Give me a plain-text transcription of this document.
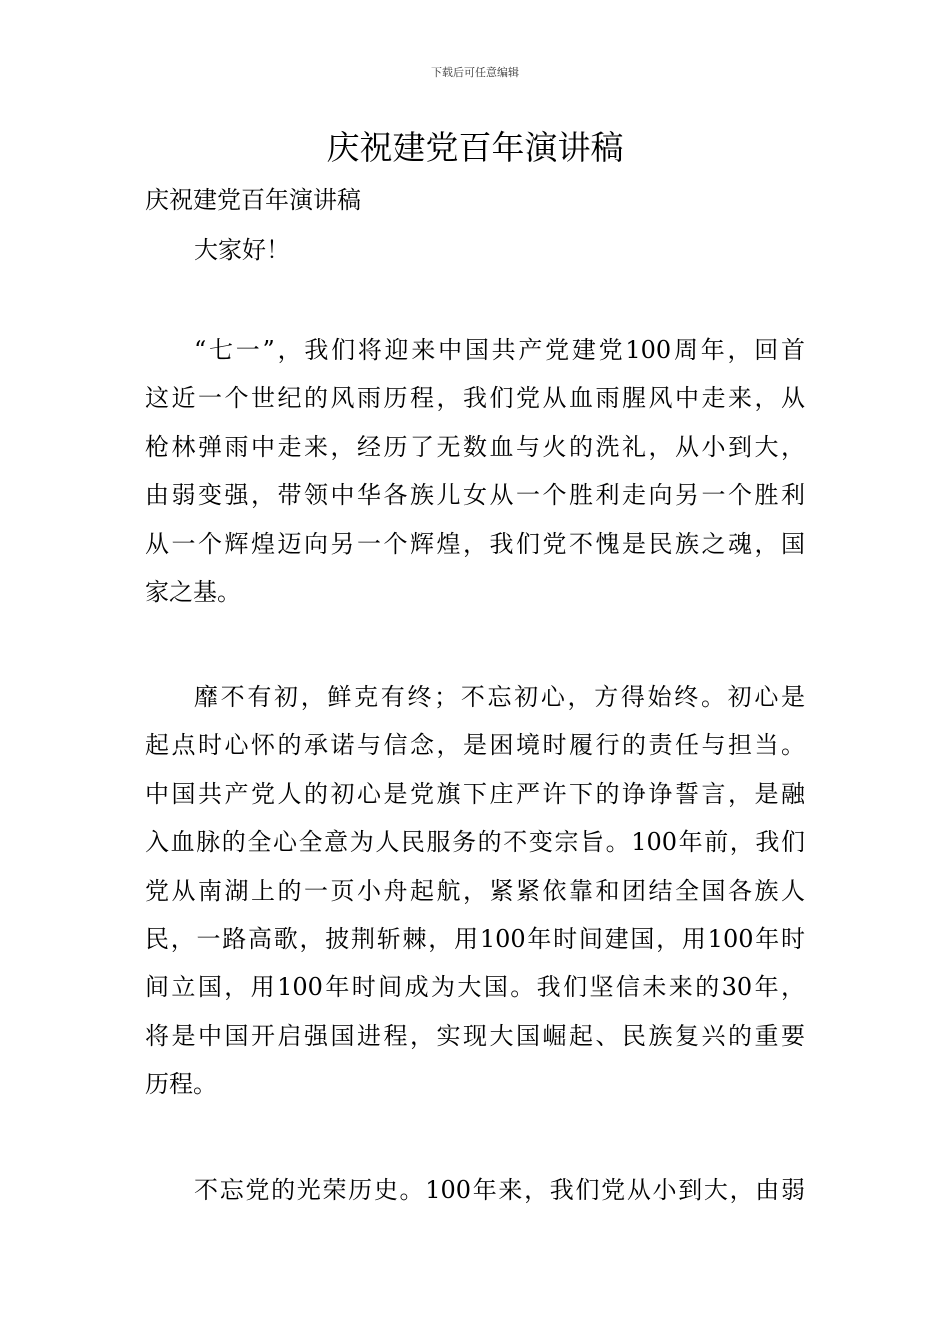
下载后可任意编辑
庆祝建党百年演讲稿
庆祝建党百年演讲稿
大家好！
“七一”，我们将迎来中国共产党建党100周年，回首
这近一个世纪的风雨历程，我们党从血雨腥风中走来，从
枪林弹雨中走来，经历了无数血与火的洗礼，从小到大，
由弱变强，带领中华各族儿女从一个胜利走向另一个胜利
从一个辉煌迈向另一个辉煌，我们党不愧是民族之魂，国
家之基。
靡不有初，鲜克有终；不忘初心，方得始终。初心是
起点时心怀的承诺与信念，是困境时履行的责任与担当。
中国共产党人的初心是党旗下庄严许下的诤诤誓言，是融
入血脉的全心全意为人民服务的不变宗旨。100年前，我们
党从南湖上的一页小舟起航，紧紧依靠和团结全国各族人
民，一路高歌，披荆斩棘，用100年时间建国，用100年时
间立国，用100年时间成为大国。我们坚信未来的30年，
将是中国开启强国进程，实现大国崛起、民族复兴的重要
历程。
不忘党的光荣历史。100年来，我们党从小到大，由弱
